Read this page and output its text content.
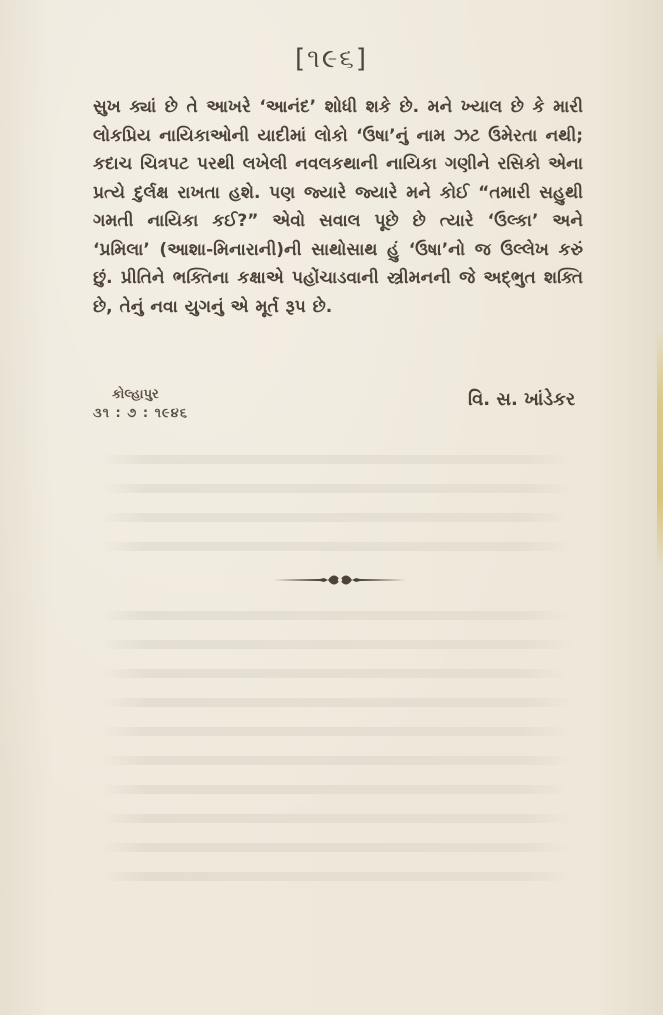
[૧૯૬]

સુખ ક્યાં છે તે આખરે ‘આનંદ’ શોધી શકે છે. મને ખ્યાલ છે કે મારી લોકપ્રિય નાયિકાઓની યાદીમાં લોકો ‘ઉષા’નું નામ ઝટ ઉમેરતા નથી; કદાચ ચિત્રપટ પરથી લખેલી નવલકથાની નાયિકા ગણીને રસિકો એના પ્રત્યે દુર્લક્ષ રાખતા હશે. પણ જ્યારે જ્યારે મને કોઈ “તમારી સહુથી ગમતી નાયિકા કઈ?” એવો સવાલ પૂછે છે ત્યારે ‘ઉલ્કા’ અને ‘પ્રમિલા’ (આશા-મિનારાની)ની સાથોસાથ હું ‘ઉષા’નો જ ઉલ્લેખ કરું છું. પ્રીતિને ભક્તિના કક્ષાએ પહોંચાડવાની સ્ત્રીમનની જે અદ્ભુત શક્તિ છે, તેનું નવા યુગનું એ મૂર્ત રૂપ છે.

કોલ્હાપુર
૩૧ : ૭ : ૧૯૪૬
વિ. સ. ખાંડેકર
